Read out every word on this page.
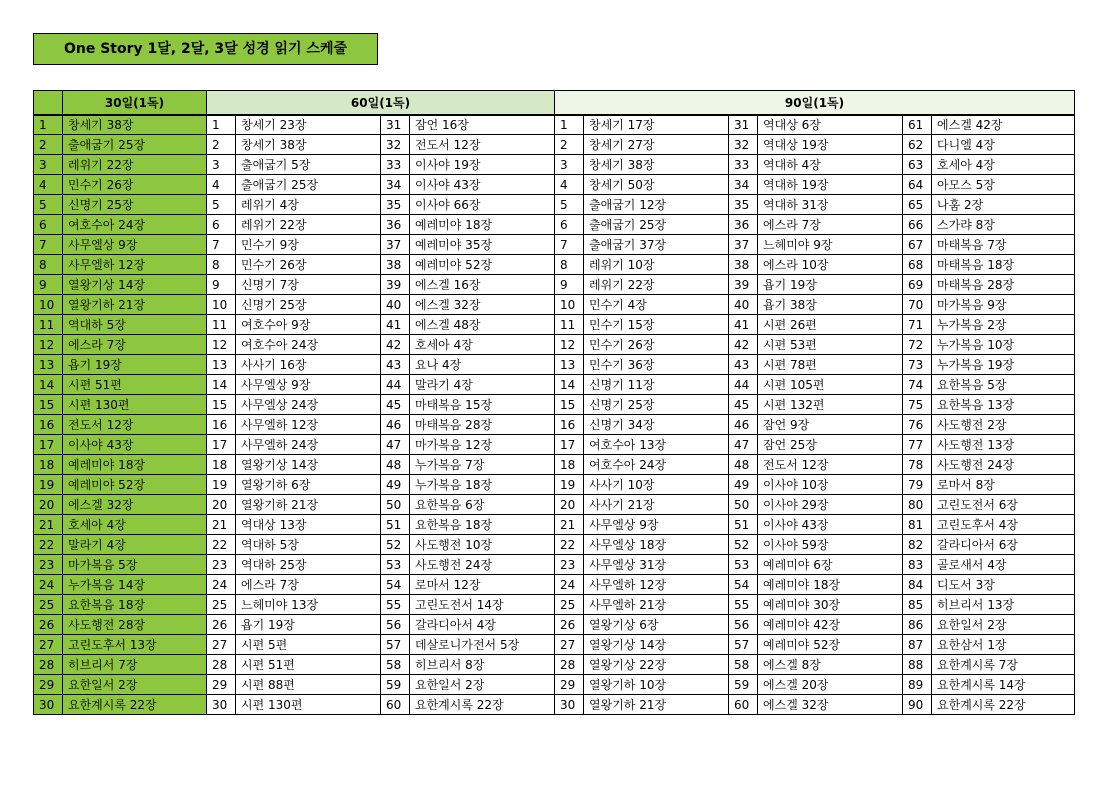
One Story 1달, 2달, 3달 성경 읽기 스케줄
	30일(1독)	60일(1독)				90일(1독)					
1	창세기 38장	1	창세기 23장	31	잠언 16장	1	창세기 17장	31	역대상 6장	61	에스겔 42장
2	출애굽기 25장	2	창세기 38장	32	전도서 12장	2	창세기 27장	32	역대상 19장	62	다니엘 4장
3	레위기 22장	3	출애굽기 5장	33	이사야 19장	3	창세기 38장	33	역대하 4장	63	호세아 4장
4	민수기 26장	4	출애굽기 25장	34	이사야 43장	4	창세기 50장	34	역대하 19장	64	아모스 5장
5	신명기 25장	5	레위기 4장	35	이사야 66장	5	출애굽기 12장	35	역대하 31장	65	나훔 2장
6	여호수아 24장	6	레위기 22장	36	예레미야 18장	6	출애굽기 25장	36	에스라 7장	66	스가랴 8장
7	사무엘상 9장	7	민수기 9장	37	예레미야 35장	7	출애굽기 37장	37	느헤미야 9장	67	마태복음 7장
8	사무엘하 12장	8	민수기 26장	38	예레미야 52장	8	레위기 10장	38	에스라 10장	68	마태복음 18장
9	열왕기상 14장	9	신명기 7장	39	에스겔 16장	9	레위기 22장	39	욥기 19장	69	마태복음 28장
10	열왕기하 21장	10	신명기 25장	40	에스겔 32장	10	민수기 4장	40	욥기 38장	70	마가복음 9장
11	역대하 5장	11	여호수아 9장	41	에스겔 48장	11	민수기 15장	41	시편 26편	71	누가복음 2장
12	에스라 7장	12	여호수아 24장	42	호세아 4장	12	민수기 26장	42	시편 53편	72	누가복음 10장
13	욥기 19장	13	사사기 16장	43	요나 4장	13	민수기 36장	43	시편 78편	73	누가복음 19장
14	시편 51편	14	사무엘상 9장	44	말라기 4장	14	신명기 11장	44	시편 105편	74	요한복음 5장
15	시편 130편	15	사무엘상 24장	45	마태복음 15장	15	신명기 25장	45	시편 132편	75	요한복음 13장
16	전도서 12장	16	사무엘하 12장	46	마태복음 28장	16	신명기 34장	46	잠언 9장	76	사도행전 2장
17	이사야 43장	17	사무엘하 24장	47	마가복음 12장	17	여호수아 13장	47	잠언 25장	77	사도행전 13장
18	예레미야 18장	18	열왕기상 14장	48	누가복음 7장	18	여호수아 24장	48	전도서 12장	78	사도행전 24장
19	예레미야 52장	19	열왕기하 6장	49	누가복음 18장	19	사사기 10장	49	이사야 10장	79	로마서 8장
20	에스겔 32장	20	열왕기하 21장	50	요한복음 6장	20	사사기 21장	50	이사야 29장	80	고린도전서 6장
21	호세아 4장	21	역대상 13장	51	요한복음 18장	21	사무엘상 9장	51	이사야 43장	81	고린도후서 4장
22	말라기 4장	22	역대하 5장	52	사도행전 10장	22	사무엘상 18장	52	이사야 59장	82	갈라디아서 6장
23	마가복음 5장	23	역대하 25장	53	사도행전 24장	23	사무엘상 31장	53	예레미야 6장	83	골로새서 4장
24	누가복음 14장	24	에스라 7장	54	로마서 12장	24	사무엘하 12장	54	예레미야 18장	84	디도서 3장
25	요한복음 18장	25	느헤미야 13장	55	고린도전서 14장	25	사무엘하 21장	55	예레미야 30장	85	히브리서 13장
26	사도행전 28장	26	욥기 19장	56	갈라디아서 4장	26	열왕기상 6장	56	예레미야 42장	86	요한일서 2장
27	고린도후서 13장	27	시편 5편	57	데살로니가전서 5장	27	열왕기상 14장	57	예레미야 52장	87	요한삼서 1장
28	히브리서 7장	28	시편 51편	58	히브리서 8장	28	열왕기상 22장	58	에스겔 8장	88	요한계시록 7장
29	요한일서 2장	29	시편 88편	59	요한일서 2장	29	열왕기하 10장	59	에스겔 20장	89	요한계시록 14장
30	요한계시록 22장	30	시편 130편	60	요한계시록 22장	30	열왕기하 21장	60	에스겔 32장	90	요한계시록 22장
